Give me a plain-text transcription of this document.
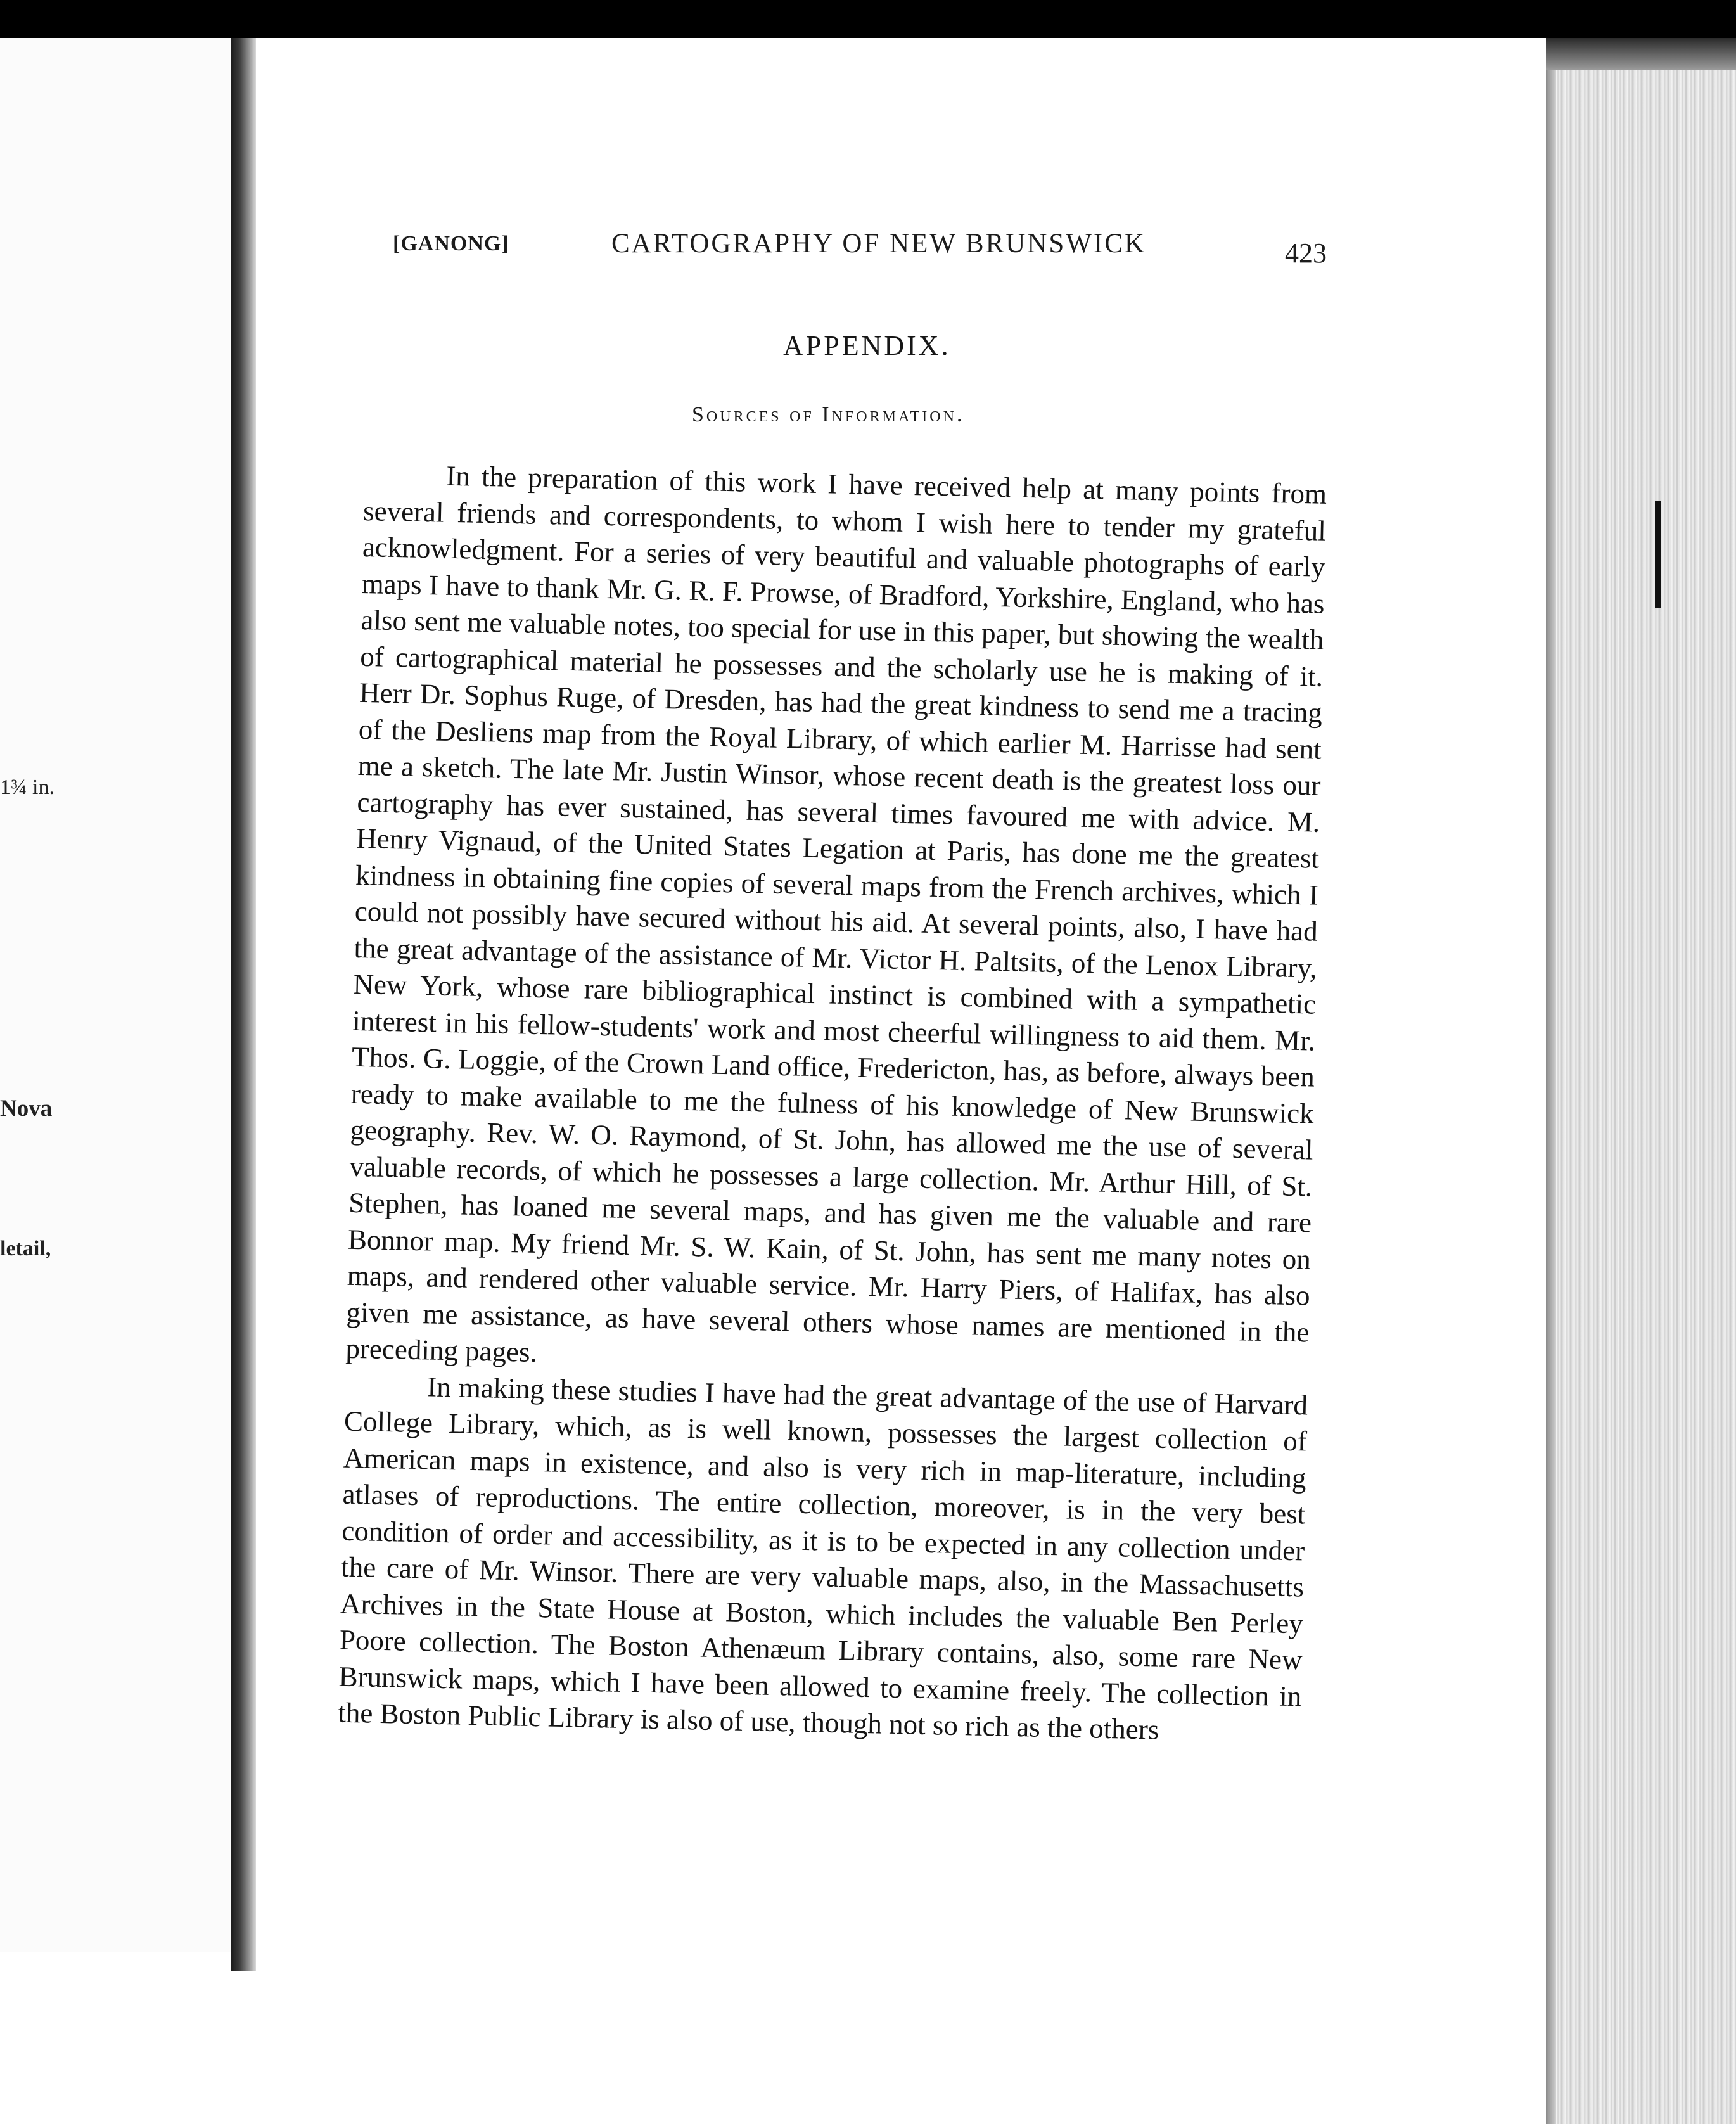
1¾ in.
Nova
letail,
[GANONG]	CARTOGRAPHY OF NEW BRUNSWICK	423
APPENDIX.
Sources of Information.

In the preparation of this work I have received help at many points from several friends and correspondents, to whom I wish here to tender my grateful acknowledgment. For a series of very beautiful and valuable photographs of early maps I have to thank Mr. G. R. F. Prowse, of Bradford, Yorkshire, England, who has also sent me valuable notes, too special for use in this paper, but showing the wealth of cartographical material he possesses and the scholarly use he is making of it. Herr Dr. Sophus Ruge, of Dresden, has had the great kindness to send me a tracing of the Desliens map from the Royal Library, of which earlier M. Harrisse had sent me a sketch. The late Mr. Justin Winsor, whose recent death is the greatest loss our cartography has ever sustained, has several times favoured me with advice. M. Henry Vignaud, of the United States Legation at Paris, has done me the greatest kindness in obtaining fine copies of several maps from the French archives, which I could not possibly have secured without his aid. At several points, also, I have had the great advantage of the assistance of Mr. Victor H. Paltsits, of the Lenox Library, New York, whose rare bibliographical instinct is combined with a sympathetic interest in his fellow-students' work and most cheerful willingness to aid them. Mr. Thos. G. Loggie, of the Crown Land office, Fredericton, has, as before, always been ready to make available to me the fulness of his knowledge of New Brunswick geography. Rev. W. O. Raymond, of St. John, has allowed me the use of several valuable records, of which he possesses a large collection. Mr. Arthur Hill, of St. Stephen, has loaned me several maps, and has given me the valuable and rare Bonnor map. My friend Mr. S. W. Kain, of St. John, has sent me many notes on maps, and rendered other valuable service. Mr. Harry Piers, of Halifax, has also given me assistance, as have several others whose names are mentioned in the preceding pages.

In making these studies I have had the great advantage of the use of Harvard College Library, which, as is well known, possesses the largest collection of American maps in existence, and also is very rich in map-literature, including atlases of reproductions. The entire collection, moreover, is in the very best condition of order and accessibility, as it is to be expected in any collection under the care of Mr. Winsor. There are very valuable maps, also, in the Massachusetts Archives in the State House at Boston, which includes the valuable Ben Perley Poore collection. The Boston Athenæum Library contains, also, some rare New Brunswick maps, which I have been allowed to examine freely. The collection in the Boston Public Library is also of use, though not so rich as the others
